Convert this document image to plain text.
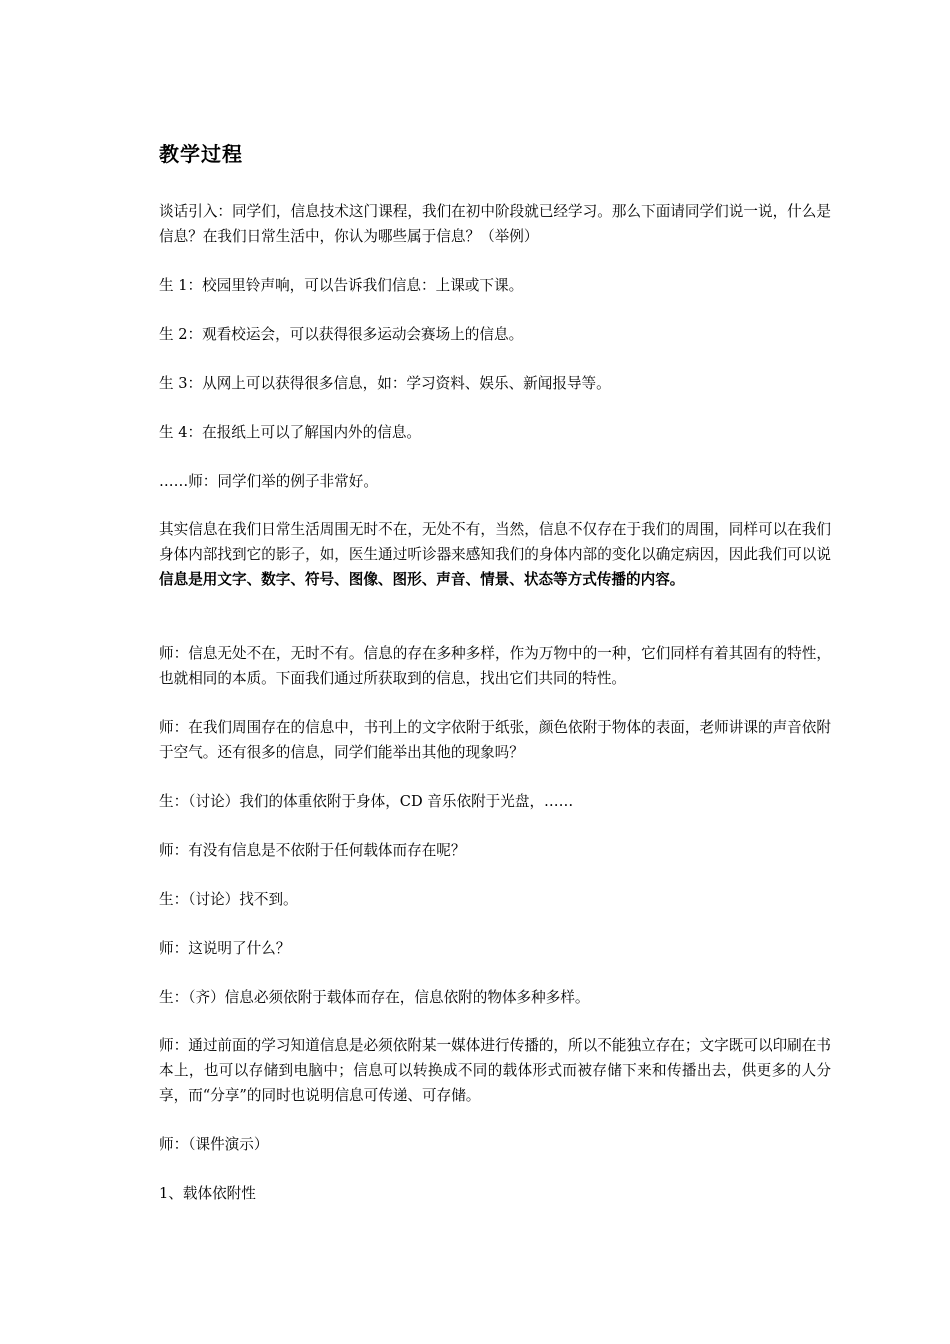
教学过程
谈话引入：同学们，信息技术这门课程，我们在初中阶段就已经学习。那么下面请同学们说一说，什么是信息？在我们日常生活中，你认为哪些属于信息？（举例）
生 1：校园里铃声响，可以告诉我们信息：上课或下课。
生 2：观看校运会，可以获得很多运动会赛场上的信息。
生 3：从网上可以获得很多信息，如：学习资料、娱乐、新闻报导等。
生 4：在报纸上可以了解国内外的信息。
……师：同学们举的例子非常好。
其实信息在我们日常生活周围无时不在，无处不有，当然，信息不仅存在于我们的周围，同样可以在我们身体内部找到它的影子，如，医生通过听诊器来感知我们的身体内部的变化以确定病因，因此我们可以说信息是用文字、数字、符号、图像、图形、声音、情景、状态等方式传播的内容。
师：信息无处不在，无时不有。信息的存在多种多样，作为万物中的一种，它们同样有着其固有的特性，也就相同的本质。下面我们通过所获取到的信息，找出它们共同的特性。
师：在我们周围存在的信息中，书刊上的文字依附于纸张，颜色依附于物体的表面，老师讲课的声音依附于空气。还有很多的信息，同学们能举出其他的现象吗？
生：（讨论）我们的体重依附于身体，CD 音乐依附于光盘，……
师：有没有信息是不依附于任何载体而存在呢？
生：（讨论）找不到。
师：这说明了什么？
生：（齐）信息必须依附于载体而存在，信息依附的物体多种多样。
师：通过前面的学习知道信息是必须依附某一媒体进行传播的，所以不能独立存在；文字既可以印刷在书本上，也可以存储到电脑中；信息可以转换成不同的载体形式而被存储下来和传播出去，供更多的人分享，而“分享”的同时也说明信息可传递、可存储。
师：（课件演示）
1、载体依附性
